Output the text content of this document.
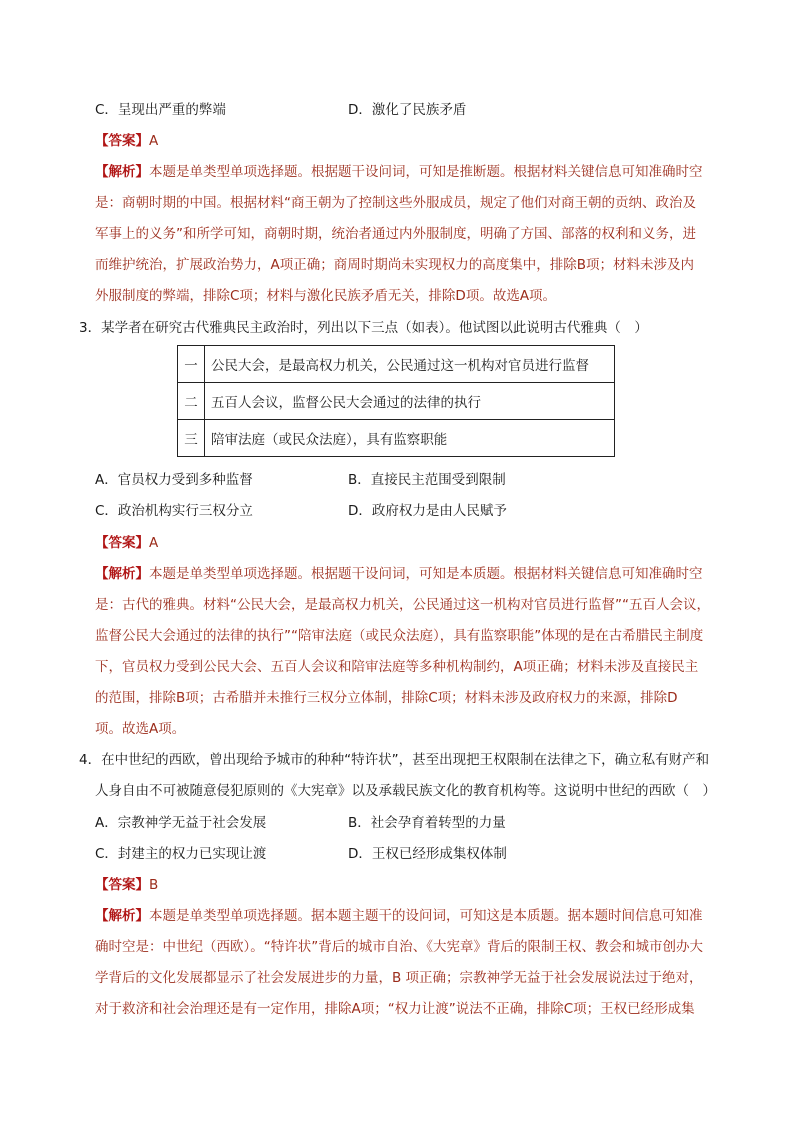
C．呈现出严重的弊端	D．激化了民族矛盾
【答案】A
【解析】本题是单类型单项选择题。根据题干设问词，可知是推断题。根据材料关键信息可知准确时空
是：商朝时期的中国。根据材料“商王朝为了控制这些外服成员，规定了他们对商王朝的贡纳、政治及
军事上的义务”和所学可知，商朝时期，统治者通过内外服制度，明确了方国、部落的权利和义务，进
而维护统治，扩展政治势力，A项正确；商周时期尚未实现权力的高度集中，排除B项；材料未涉及内
外服制度的弊端，排除C项；材料与激化民族矛盾无关，排除D项。故选A项。
3．某学者在研究古代雅典民主政治时，列出以下三点（如表）。他试图以此说明古代雅典（　）
一	公民大会，是最高权力机关，公民通过这一机构对官员进行监督
二	五百人会议，监督公民大会通过的法律的执行
三	陪审法庭（或民众法庭），具有监察职能
A．官员权力受到多种监督	B．直接民主范围受到限制
C．政治机构实行三权分立	D．政府权力是由人民赋予
【答案】A
【解析】本题是单类型单项选择题。根据题干设问词，可知是本质题。根据材料关键信息可知准确时空
是：古代的雅典。材料“公民大会，是最高权力机关，公民通过这一机构对官员进行监督”“五百人会议，
监督公民大会通过的法律的执行”“陪审法庭（或民众法庭），具有监察职能”体现的是在古希腊民主制度
下，官员权力受到公民大会、五百人会议和陪审法庭等多种机构制约，A项正确；材料未涉及直接民主
的范围，排除B项；古希腊并未推行三权分立体制，排除C项；材料未涉及政府权力的来源，排除D
项。故选A项。
4．在中世纪的西欧，曾出现给予城市的种种“特许状”，甚至出现把王权限制在法律之下，确立私有财产和
人身自由不可被随意侵犯原则的《大宪章》以及承载民族文化的教育机构等。这说明中世纪的西欧（　）
A．宗教神学无益于社会发展	B．社会孕育着转型的力量
C．封建主的权力已实现让渡	D．王权已经形成集权体制
【答案】B
【解析】本题是单类型单项选择题。据本题主题干的设问词，可知这是本质题。据本题时间信息可知准
确时空是：中世纪（西欧）。“特许状”背后的城市自治、《大宪章》背后的限制王权、教会和城市创办大
学背后的文化发展都显示了社会发展进步的力量，B 项正确；宗教神学无益于社会发展说法过于绝对，
对于救济和社会治理还是有一定作用，排除A项；“权力让渡”说法不正确，排除C项；王权已经形成集
